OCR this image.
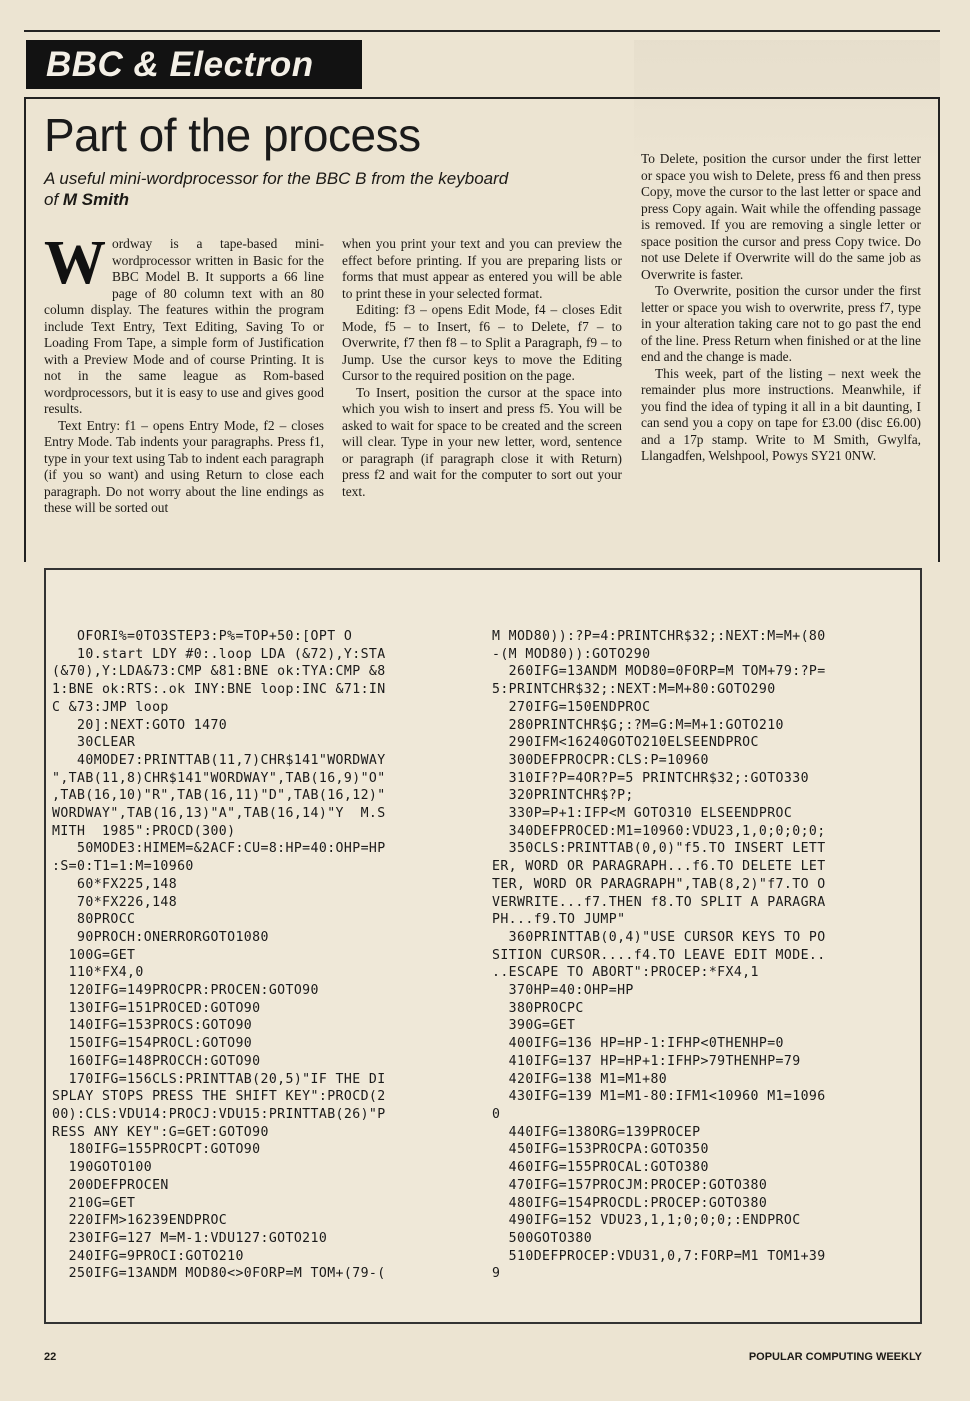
BBC & Electron
Part of the process

A useful mini-wordprocessor for the BBC B from the keyboard of M Smith

Wordway is a tape-based mini-wordprocessor written in Basic for the BBC Model B. It supports a 66 line page of 80 column text with an 80 column display. The features within the program include Text Entry, Text Editing, Saving To or Loading From Tape, a simple form of Justification with a Preview Mode and of course Printing. It is not in the same league as Rom-based wordprocessors, but it is easy to use and gives good results.

Text Entry: f1 – opens Entry Mode, f2 – closes Entry Mode. Tab indents your paragraphs. Press f1, type in your text using Tab to indent each paragraph (if you so want) and using Return to close each paragraph. Do not worry about the line endings as these will be sorted out

when you print your text and you can preview the effect before printing. If you are preparing lists or forms that must appear as entered you will be able to print these in your selected format.

Editing: f3 – opens Edit Mode, f4 – closes Edit Mode, f5 – to Insert, f6 – to Delete, f7 – to Overwrite, f7 then f8 – to Split a Paragraph, f9 – to Jump. Use the cursor keys to move the Editing Cursor to the required position on the page.

To Insert, position the cursor at the space into which you wish to insert and press f5. You will be asked to wait for space to be created and the screen will clear. Type in your new letter, word, sentence or paragraph (if paragraph close it with Return) press f2 and wait for the computer to sort out your text.

To Delete, position the cursor under the first letter or space you wish to Delete, press f6 and then press Copy, move the cursor to the last letter or space and press Copy again. Wait while the offending passage is removed. If you are removing a single letter or space position the cursor and press Copy twice. Do not use Delete if Overwrite will do the same job as Overwrite is faster.

To Overwrite, position the cursor under the first letter or space you wish to overwrite, press f7, type in your alteration taking care not to go past the end of the line. Press Return when finished or at the line end and the change is made.

This week, part of the listing – next week the remainder plus more instructions. Meanwhile, if you find the idea of typing it all in a bit daunting, I can send you a copy on tape for £3.00 (disc £6.00) and a 17p stamp. Write to M Smith, Gwylfa, Llangadfen, Welshpool, Powys SY21 0NW.

OFORI%=0TO3STEP3:P%=TOP+50:[OPT O
10.start LDY #0:.loop LDA (&72),Y:STA
(&70),Y:LDA&73:CMP &81:BNE ok:TYA:CMP &8
1:BNE ok:RTS:.ok INY:BNE loop:INC &71:IN
C &73:JMP loop
20]:NEXT:GOTO 1470
30CLEAR
40MODE7:PRINTTAB(11,7)CHR$141"WORDWAY
",TAB(11,8)CHR$141"WORDWAY",TAB(16,9)"O"
,TAB(16,10)"R",TAB(16,11)"D",TAB(16,12)"
WORDWAY",TAB(16,13)"A",TAB(16,14)"Y  M.S
MITH  1985":PROCD(300)
50MODE3:HIMEM=&2ACF:CU=8:HP=40:OHP=HP
:S=0:T1=1:M=10960
60*FX225,148
70*FX226,148
80PROCC
90PROCH:ONERRORGOTO1080
100G=GET
110*FX4,0
120IFG=149PROCPR:PROCEN:GOTO90
130IFG=151PROCED:GOTO90
140IFG=153PROCS:GOTO90
150IFG=154PROCL:GOTO90
160IFG=148PROCCH:GOTO90
170IFG=156CLS:PRINTTAB(20,5)"IF THE DI
SPLAY STOPS PRESS THE SHIFT KEY":PROCD(2
00):CLS:VDU14:PROCJ:VDU15:PRINTTAB(26)"P
RESS ANY KEY":G=GET:GOTO90
180IFG=155PROCPT:GOTO90
190GOTO100
200DEFPROCEN
210G=GET
220IFM>16239ENDPROC
230IFG=127 M=M-1:VDU127:GOTO210
240IFG=9PROCI:GOTO210
250IFG=13ANDM MOD80<>0FORP=M TOM+(79-(
M MOD80)):?P=4:PRINTCHR$32;:NEXT:M=M+(80
-(M MOD80)):GOTO290
260IFG=13ANDM MOD80=0FORP=M TOM+79:?P=
5:PRINTCHR$32;:NEXT:M=M+80:GOTO290
270IFG=150ENDPROC
280PRINTCHR$G;:?M=G:M=M+1:GOTO210
290IFM<16240GOTO210ELSEENDPROC
300DEFPROCPR:CLS:P=10960
310IF?P=4OR?P=5 PRINTCHR$32;:GOTO330
320PRINTCHR$?P;
330P=P+1:IFP<M GOTO310 ELSEENDPROC
340DEFPROCED:M1=10960:VDU23,1,0;0;0;0;
350CLS:PRINTTAB(0,0)"f5.TO INSERT LETT
ER, WORD OR PARAGRAPH...f6.TO DELETE LET
TER, WORD OR PARAGRAPH",TAB(8,2)"f7.TO O
VERWRITE...f7.THEN f8.TO SPLIT A PARAGRA
PH...f9.TO JUMP"
360PRINTTAB(0,4)"USE CURSOR KEYS TO PO
SITION CURSOR....f4.TO LEAVE EDIT MODE..
..ESCAPE TO ABORT":PROCEP:*FX4,1
370HP=40:OHP=HP
380PROCPC
390G=GET
400IFG=136 HP=HP-1:IFHP<0THENHP=0
410IFG=137 HP=HP+1:IFHP>79THENHP=79
420IFG=138 M1=M1+80
430IFG=139 M1=M1-80:IFM1<10960 M1=1096
0
440IFG=138ORG=139PROCEP
450IFG=153PROCPA:GOTO350
460IFG=155PROCAL:GOTO380
470IFG=157PROCJM:PROCEP:GOTO380
480IFG=154PROCDL:PROCEP:GOTO380
490IFG=152 VDU23,1,1;0;0;0;:ENDPROC
500GOTO380
510DEFPROCEP:VDU31,0,7:FORP=M1 TOM1+39
9
22	POPULAR COMPUTING WEEKLY
